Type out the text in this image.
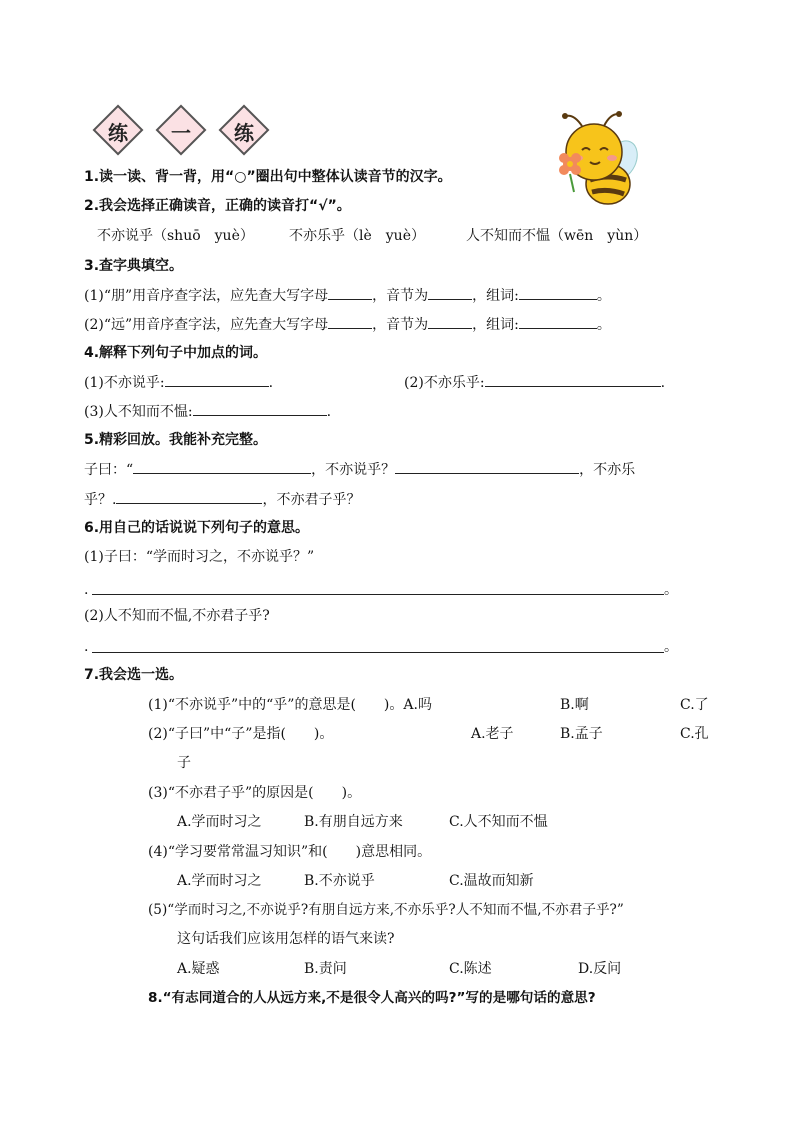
练	一	练
1.读一读、背一背，用“○”圈出句中整体认读音节的汉字。
2.我会选择正确读音，正确的读音打“√”。
不亦说乎（shuō　yuè）	不亦乐乎（lè　yuè）	人不知而不愠（wēn　yùn）
3.查字典填空。
(1)“朋”用音序查字法，应先查大写字母	，音节为	，组词:	。
(2)“远”用音序查字法，应先查大写字母	，音节为	，组词:	。
4.解释下列句子中加点的词。
(1)不亦说乎:	.	(2)不亦乐乎:	.
(3)人不知而不愠:	.
5.精彩回放。我能补充完整。
子曰：“	，不亦说乎？	，不亦乐
乎？.	，不亦君子乎？
6.用自己的话说说下列句子的意思。
(1)子曰：“学而时习之，不亦说乎？”
.	。
(2)人不知而不愠,不亦君子乎?
.	。
7.我会选一选。
(1)“不亦说乎”中的“乎”的意思是(　　)。A.吗	B.啊	C.了
(2)“子曰”中“子”是指(　　)。	A.老子	B.孟子	C.孔
子
(3)“不亦君子乎”的原因是(　　)。
A.学而时习之	B.有朋自远方来	C.人不知而不愠
(4)“学习要常常温习知识”和(　　)意思相同。
A.学而时习之	B.不亦说乎	C.温故而知新
(5)“学而时习之,不亦说乎?有朋自远方来,不亦乐乎?人不知而不愠,不亦君子乎?”
这句话我们应该用怎样的语气来读?
A.疑惑	B.责问	C.陈述	D.反问
8.“有志同道合的人从远方来,不是很令人高兴的吗?”写的是哪句话的意思?
